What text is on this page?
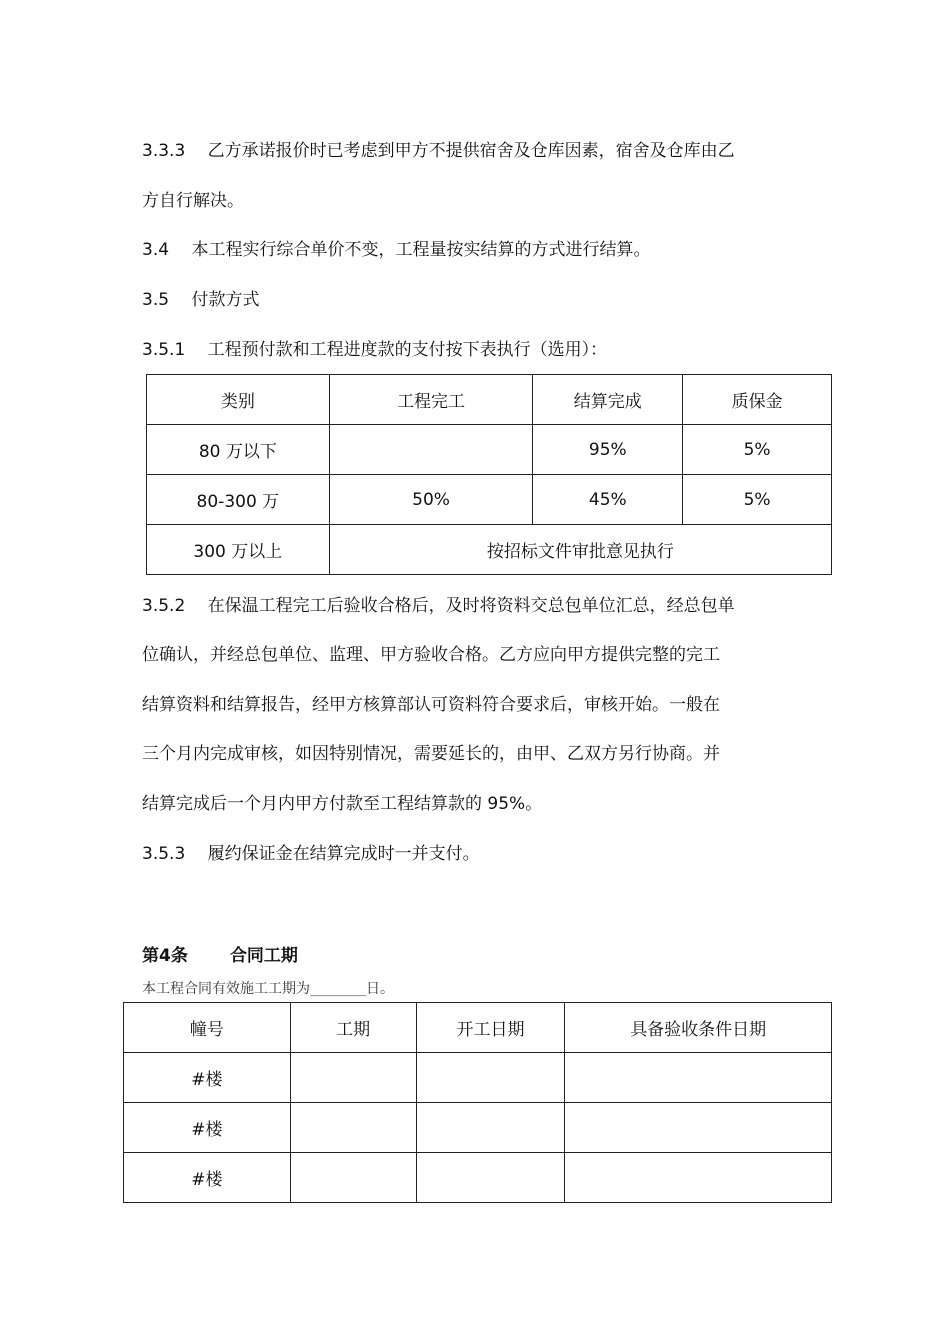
3.3.3　 乙方承诺报价时已考虑到甲方不提供宿舍及仓库因素，宿舍及仓库由乙
方自行解决。
3.4　 本工程实行综合单价不变，工程量按实结算的方式进行结算。
3.5　 付款方式
3.5.1　 工程预付款和工程进度款的支付按下表执行（选用）：
类别	工程完工	结算完成	质保金
80 万以下		95%	5%
80-300 万	50%	45%	5%
300 万以上	按招标文件审批意见执行		
3.5.2　 在保温工程完工后验收合格后，及时将资料交总包单位汇总，经总包单
位确认，并经总包单位、监理、甲方验收合格。乙方应向甲方提供完整的完工
结算资料和结算报告，经甲方核算部认可资料符合要求后，审核开始。一般在
三个月内完成审核，如因特别情况，需要延长的，由甲、乙双方另行协商。并
结算完成后一个月内甲方付款至工程结算款的 95%。
3.5.3　 履约保证金在结算完成时一并支付。
第4条 合同工期
本工程合同有效施工工期为________日。
幢号	工期	开工日期	具备验收条件日期
#楼			
#楼			
#楼			
